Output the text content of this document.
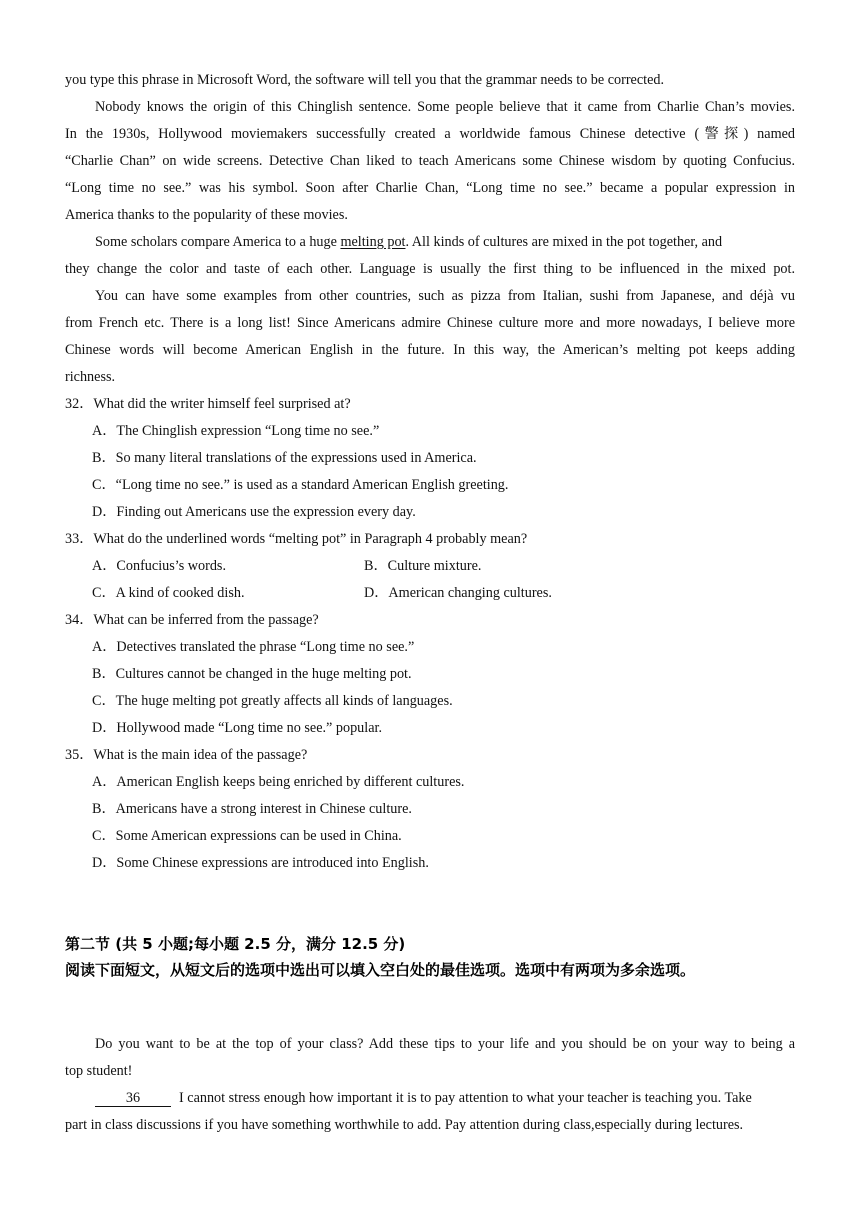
you type this phrase in Microsoft Word, the software will tell you that the grammar needs to be corrected.
Nobody knows the origin of this Chinglish sentence. Some people believe that it came from Charlie Chan’s movies.
In the 1930s, Hollywood moviemakers successfully created a worldwide famous Chinese detective (警探) named
“Charlie Chan” on wide screens. Detective Chan liked to teach Americans some Chinese wisdom by quoting Confucius.
“Long time no see.” was his symbol. Soon after Charlie Chan, “Long time no see.” became a popular expression in
America thanks to the popularity of these movies.
Some scholars compare America to a huge melting pot. All kinds of cultures are mixed in the pot together, and
they change the color and taste of each other. Language is usually the first thing to be influenced in the mixed pot.
You can have some examples from other countries, such as pizza from Italian, sushi from Japanese, and déjà vu
from French etc. There is a long list! Since Americans admire Chinese culture more and more nowadays, I believe more
Chinese words will become American English in the future. In this way, the American’s melting pot keeps adding
richness.
32．What did the writer himself feel surprised at?
A．The Chinglish expression “Long time no see.”
B．So many literal translations of the expressions used in America.
C．“Long time no see.” is used as a standard American English greeting.
D．Finding out Americans use the expression every day.
33．What do the underlined words “melting pot” in Paragraph 4 probably mean?
A．Confucius’s words.	B．Culture mixture.
C．A kind of cooked dish.	D．American changing cultures.
34．What can be inferred from the passage?
A．Detectives translated the phrase “Long time no see.”
B．Cultures cannot be changed in the huge melting pot.
C．The huge melting pot greatly affects all kinds of languages.
D．Hollywood made “Long time no see.” popular.
35．What is the main idea of the passage?
A．American English keeps being enriched by different cultures.
B．Americans have a strong interest in Chinese culture.
C．Some American expressions can be used in China.
D．Some Chinese expressions are introduced into English.
第二节 (共 5 小题;每小题 2.5 分，满分 12.5 分)
阅读下面短文，从短文后的选项中选出可以填入空白处的最佳选项。选项中有两项为多余选项。
Do you want to be at the top of your class? Add these tips to your life and you should be on your way to being a
top student!
36	I cannot stress enough how important it is to pay attention to what your teacher is teaching you. Take
part in class discussions if you have something worthwhile to add. Pay attention during class,especially during lectures.
